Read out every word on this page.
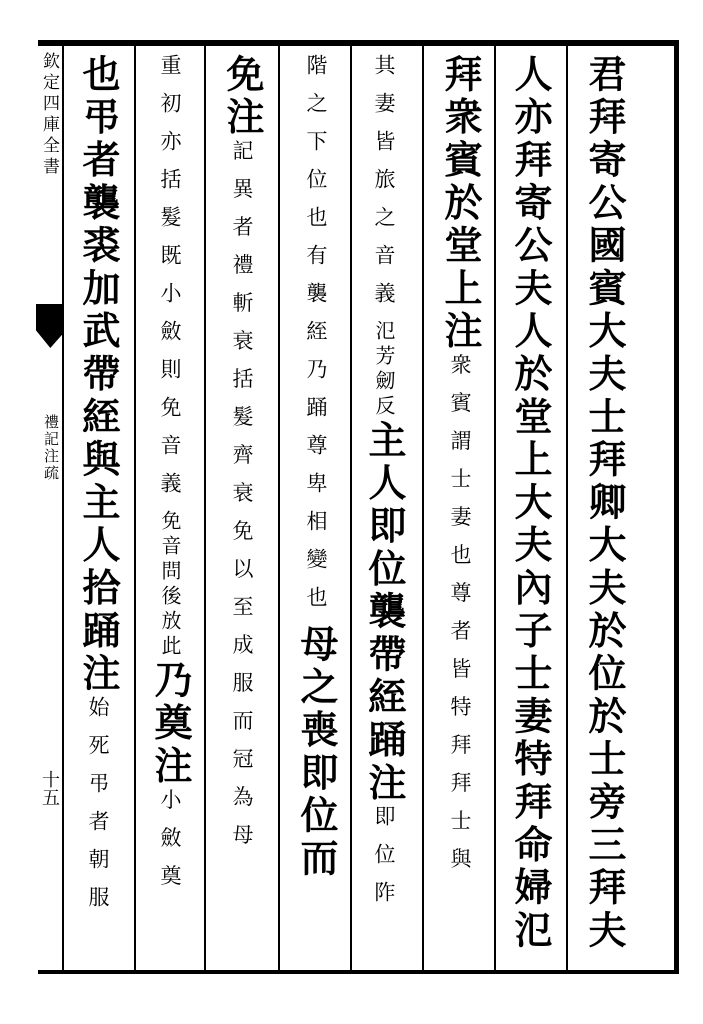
欽定四庫全書
禮記注疏
十五	君拜寄公國賓大夫士拜卿大夫於位於士旁三拜夫
人亦拜寄公夫人於堂上大夫內子士妻特拜命婦氾
拜衆賓於堂上注衆賓謂士妻也尊者皆特拜拜士與
其妻皆旅之音義氾芳劒反主人即位襲帶絰踊注即位阼
階之下位也有襲絰乃踊尊卑相變也母之喪即位而
免注記異者禮斬衰括髮齊衰免以至成服而冠為母
重初亦括髮既小斂則免音義免音問後放此乃奠注小斂奠
也弔者襲裘加武帶絰與主人拾踊注始死弔者朝服
